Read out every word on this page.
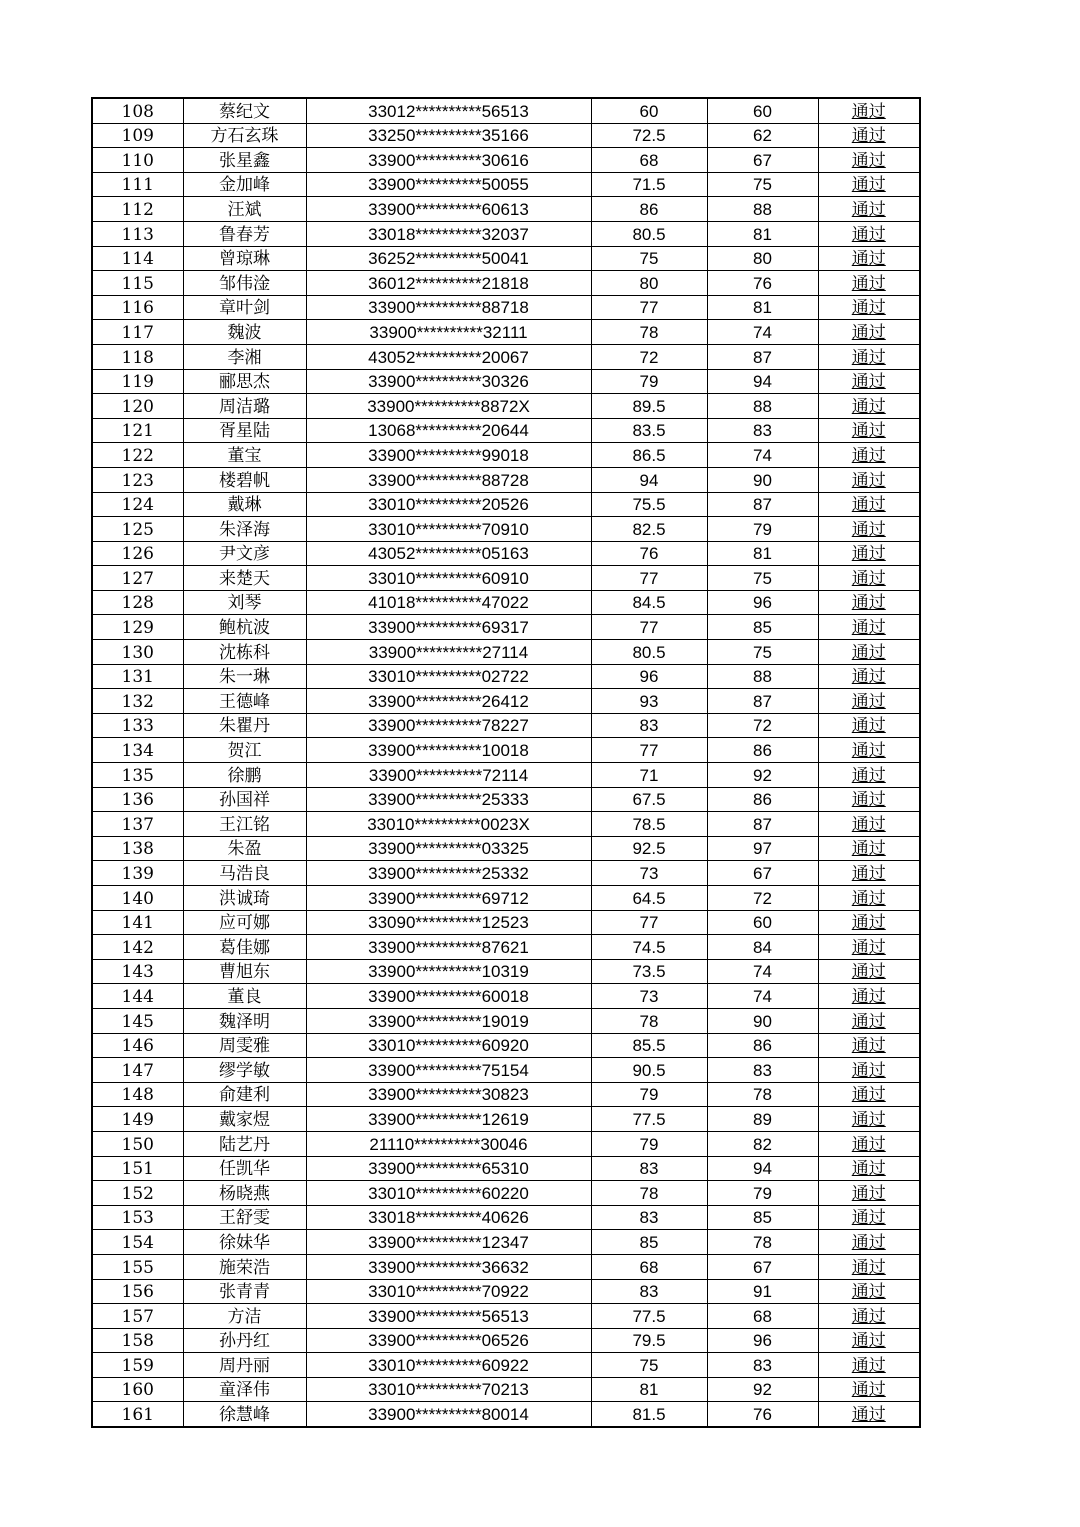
108	蔡纪文	33012**********56513	60	60	通过
109	方石玄珠	33250**********35166	72.5	62	通过
110	张星鑫	33900**********30616	68	67	通过
111	金加峰	33900**********50055	71.5	75	通过
112	汪斌	33900**********60613	86	88	通过
113	鲁春芳	33018**********32037	80.5	81	通过
114	曾琼琳	36252**********50041	75	80	通过
115	邹伟淦	36012**********21818	80	76	通过
116	章叶剑	33900**********88718	77	81	通过
117	魏波	33900**********32111	78	74	通过
118	李湘	43052**********20067	72	87	通过
119	郦思杰	33900**********30326	79	94	通过
120	周洁璐	33900**********8872X	89.5	88	通过
121	胥星陆	13068**********20644	83.5	83	通过
122	董宝	33900**********99018	86.5	74	通过
123	楼碧帆	33900**********88728	94	90	通过
124	戴琳	33010**********20526	75.5	87	通过
125	朱泽海	33010**********70910	82.5	79	通过
126	尹文彦	43052**********05163	76	81	通过
127	来楚天	33010**********60910	77	75	通过
128	刘琴	41018**********47022	84.5	96	通过
129	鲍杭波	33900**********69317	77	85	通过
130	沈栋科	33900**********27114	80.5	75	通过
131	朱一琳	33010**********02722	96	88	通过
132	王德峰	33900**********26412	93	87	通过
133	朱瞿丹	33900**********78227	83	72	通过
134	贺江	33900**********10018	77	86	通过
135	徐鹏	33900**********72114	71	92	通过
136	孙国祥	33900**********25333	67.5	86	通过
137	王江铭	33010**********0023X	78.5	87	通过
138	朱盈	33900**********03325	92.5	97	通过
139	马浩良	33900**********25332	73	67	通过
140	洪诚琦	33900**********69712	64.5	72	通过
141	应可娜	33090**********12523	77	60	通过
142	葛佳娜	33900**********87621	74.5	84	通过
143	曹旭东	33900**********10319	73.5	74	通过
144	董良	33900**********60018	73	74	通过
145	魏泽明	33900**********19019	78	90	通过
146	周雯雅	33010**********60920	85.5	86	通过
147	缪学敏	33900**********75154	90.5	83	通过
148	俞建利	33900**********30823	79	78	通过
149	戴家煜	33900**********12619	77.5	89	通过
150	陆艺丹	21110**********30046	79	82	通过
151	任凯华	33900**********65310	83	94	通过
152	杨晓燕	33010**********60220	78	79	通过
153	王舒雯	33018**********40626	83	85	通过
154	徐妹华	33900**********12347	85	78	通过
155	施荣浩	33900**********36632	68	67	通过
156	张青青	33010**********70922	83	91	通过
157	方洁	33900**********56513	77.5	68	通过
158	孙丹红	33900**********06526	79.5	96	通过
159	周丹丽	33010**********60922	75	83	通过
160	童泽伟	33010**********70213	81	92	通过
161	徐慧峰	33900**********80014	81.5	76	通过
